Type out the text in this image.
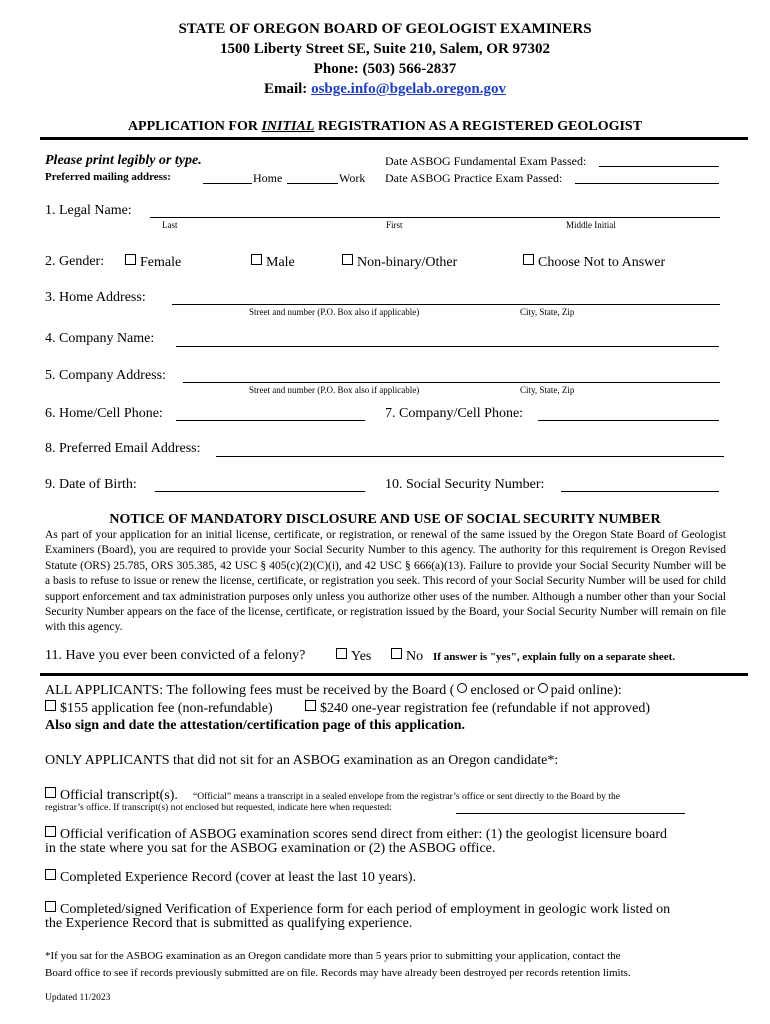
STATE OF OREGON BOARD OF GEOLOGIST EXAMINERS
1500 Liberty Street SE, Suite 210, Salem, OR 97302
Phone: (503) 566-2837
Email: osbge.info@bgelab.oregon.gov
APPLICATION FOR INITIAL REGISTRATION AS A REGISTERED GEOLOGIST
Please print legibly or type.
Preferred mailing address:	Home	Work
Date ASBOG Fundamental Exam Passed:
Date ASBOG Practice Exam Passed:
1. Legal Name:
Last	First	Middle Initial
2. Gender:	Female	Male	Non-binary/Other	Choose Not to Answer
3. Home Address:
Street and number (P.O. Box also if applicable)	City, State, Zip
4. Company Name:
5. Company Address:
Street and number (P.O. Box also if applicable)	City, State, Zip
6. Home/Cell Phone:	7. Company/Cell Phone:
8. Preferred Email Address:
9. Date of Birth:	10. Social Security Number:
NOTICE OF MANDATORY DISCLOSURE AND USE OF SOCIAL SECURITY NUMBER
As part of your application for an initial license, certificate, or registration, or renewal of the same issued by the Oregon State Board of Geologist Examiners (Board), you are required to provide your Social Security Number to this agency. The authority for this requirement is Oregon Revised Statute (ORS) 25.785, ORS 305.385, 42 USC § 405(c)(2)(C)(i), and 42 USC § 666(a)(13). Failure to provide your Social Security Number will be a basis to refuse to issue or renew the license, certificate, or registration you seek. This record of your Social Security Number will be used for child support enforcement and tax administration purposes only unless you authorize other uses of the number. Although a number other than your Social Security Number appears on the face of the license, certificate, or registration issued by the Board, your Social Security Number will remain on file with this agency.
11. Have you ever been convicted of a felony?	Yes	No If answer is "yes", explain fully on a separate sheet.
ALL APPLICANTS: The following fees must be received by the Board ( enclosed or paid online):
$155 application fee (non-refundable)	$240 one-year registration fee (refundable if not approved)
Also sign and date the attestation/certification page of this application.
ONLY APPLICANTS that did not sit for an ASBOG examination as an Oregon candidate*:
Official transcript(s). “Official” means a transcript in a sealed envelope from the registrar’s office or sent directly to the Board by the
registrar’s office. If transcript(s) not enclosed but requested, indicate here when requested:
Official verification of ASBOG examination scores send direct from either: (1) the geologist licensure board
in the state where you sat for the ASBOG examination or (2) the ASBOG office.
Completed Experience Record (cover at least the last 10 years).
Completed/signed Verification of Experience form for each period of employment in geologic work listed on
the Experience Record that is submitted as qualifying experience.
*If you sat for the ASBOG examination as an Oregon candidate more than 5 years prior to submitting your application, contact the
Board office to see if records previously submitted are on file. Records may have already been destroyed per records retention limits.
Updated 11/2023
